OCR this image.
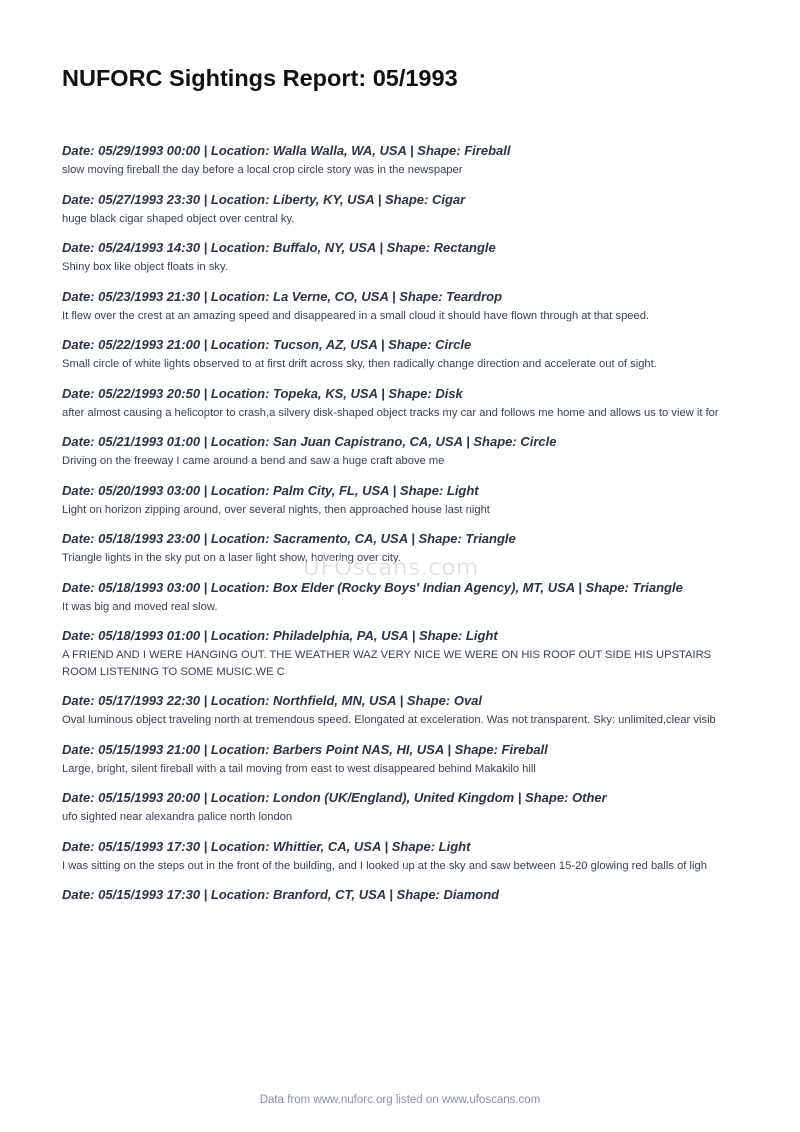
NUFORC Sightings Report: 05/1993
Date: 05/29/1993 00:00 | Location: Walla Walla, WA, USA | Shape: Fireball
slow moving fireball the day before a local crop circle story was in the newspaper
Date: 05/27/1993 23:30 | Location: Liberty, KY, USA | Shape: Cigar
huge black cigar shaped object over central ky.
Date: 05/24/1993 14:30 | Location: Buffalo, NY, USA | Shape: Rectangle
Shiny box like object floats in sky.
Date: 05/23/1993 21:30 | Location: La Verne, CO, USA | Shape: Teardrop
It flew over the crest at an amazing speed and disappeared in a small cloud it should have flown through at that speed.
Date: 05/22/1993 21:00 | Location: Tucson, AZ, USA | Shape: Circle
Small circle of white lights observed to at first drift across sky, then radically change direction and accelerate out of sight.
Date: 05/22/1993 20:50 | Location: Topeka, KS, USA | Shape: Disk
after almost causing a helicoptor to crash,a silvery disk-shaped object tracks my car and follows me home and allows us to view it for
Date: 05/21/1993 01:00 | Location: San Juan Capistrano, CA, USA | Shape: Circle
Driving on the freeway I came around a bend and saw a huge craft above me
Date: 05/20/1993 03:00 | Location: Palm City, FL, USA | Shape: Light
Light on horizon zipping around, over several nights, then approached house last night
Date: 05/18/1993 23:00 | Location: Sacramento, CA, USA | Shape: Triangle
Triangle lights in the sky put on a laser light show, hovering over city.
Date: 05/18/1993 03:00 | Location: Box Elder (Rocky Boys' Indian Agency), MT, USA | Shape: Triangle
It was big and moved real slow.
Date: 05/18/1993 01:00 | Location: Philadelphia, PA, USA | Shape: Light
A FRIEND AND I WERE HANGING OUT. THE WEATHER WAZ VERY NICE WE WERE ON HIS ROOF OUT SIDE HIS UPSTAIRS ROOM LISTENING TO SOME MUSIC.WE C
Date: 05/17/1993 22:30 | Location: Northfield, MN, USA | Shape: Oval
Oval luminous object traveling north at tremendous speed. Elongated at exceleration. Was not transparent. Sky: unlimited,clear visib
Date: 05/15/1993 21:00 | Location: Barbers Point NAS, HI, USA | Shape: Fireball
Large, bright, silent fireball with a tail moving from east to west disappeared behind Makakilo hill
Date: 05/15/1993 20:00 | Location: London (UK/England), United Kingdom | Shape: Other
ufo sighted near alexandra palice north london
Date: 05/15/1993 17:30 | Location: Whittier, CA, USA | Shape: Light
I was sitting on the steps out in the front of the building, and I looked up at the sky and saw between 15-20 glowing red balls of ligh
Date: 05/15/1993 17:30 | Location: Branford, CT, USA | Shape: Diamond
UFOscans.com
Data from www.nuforc.org listed on www.ufoscans.com
